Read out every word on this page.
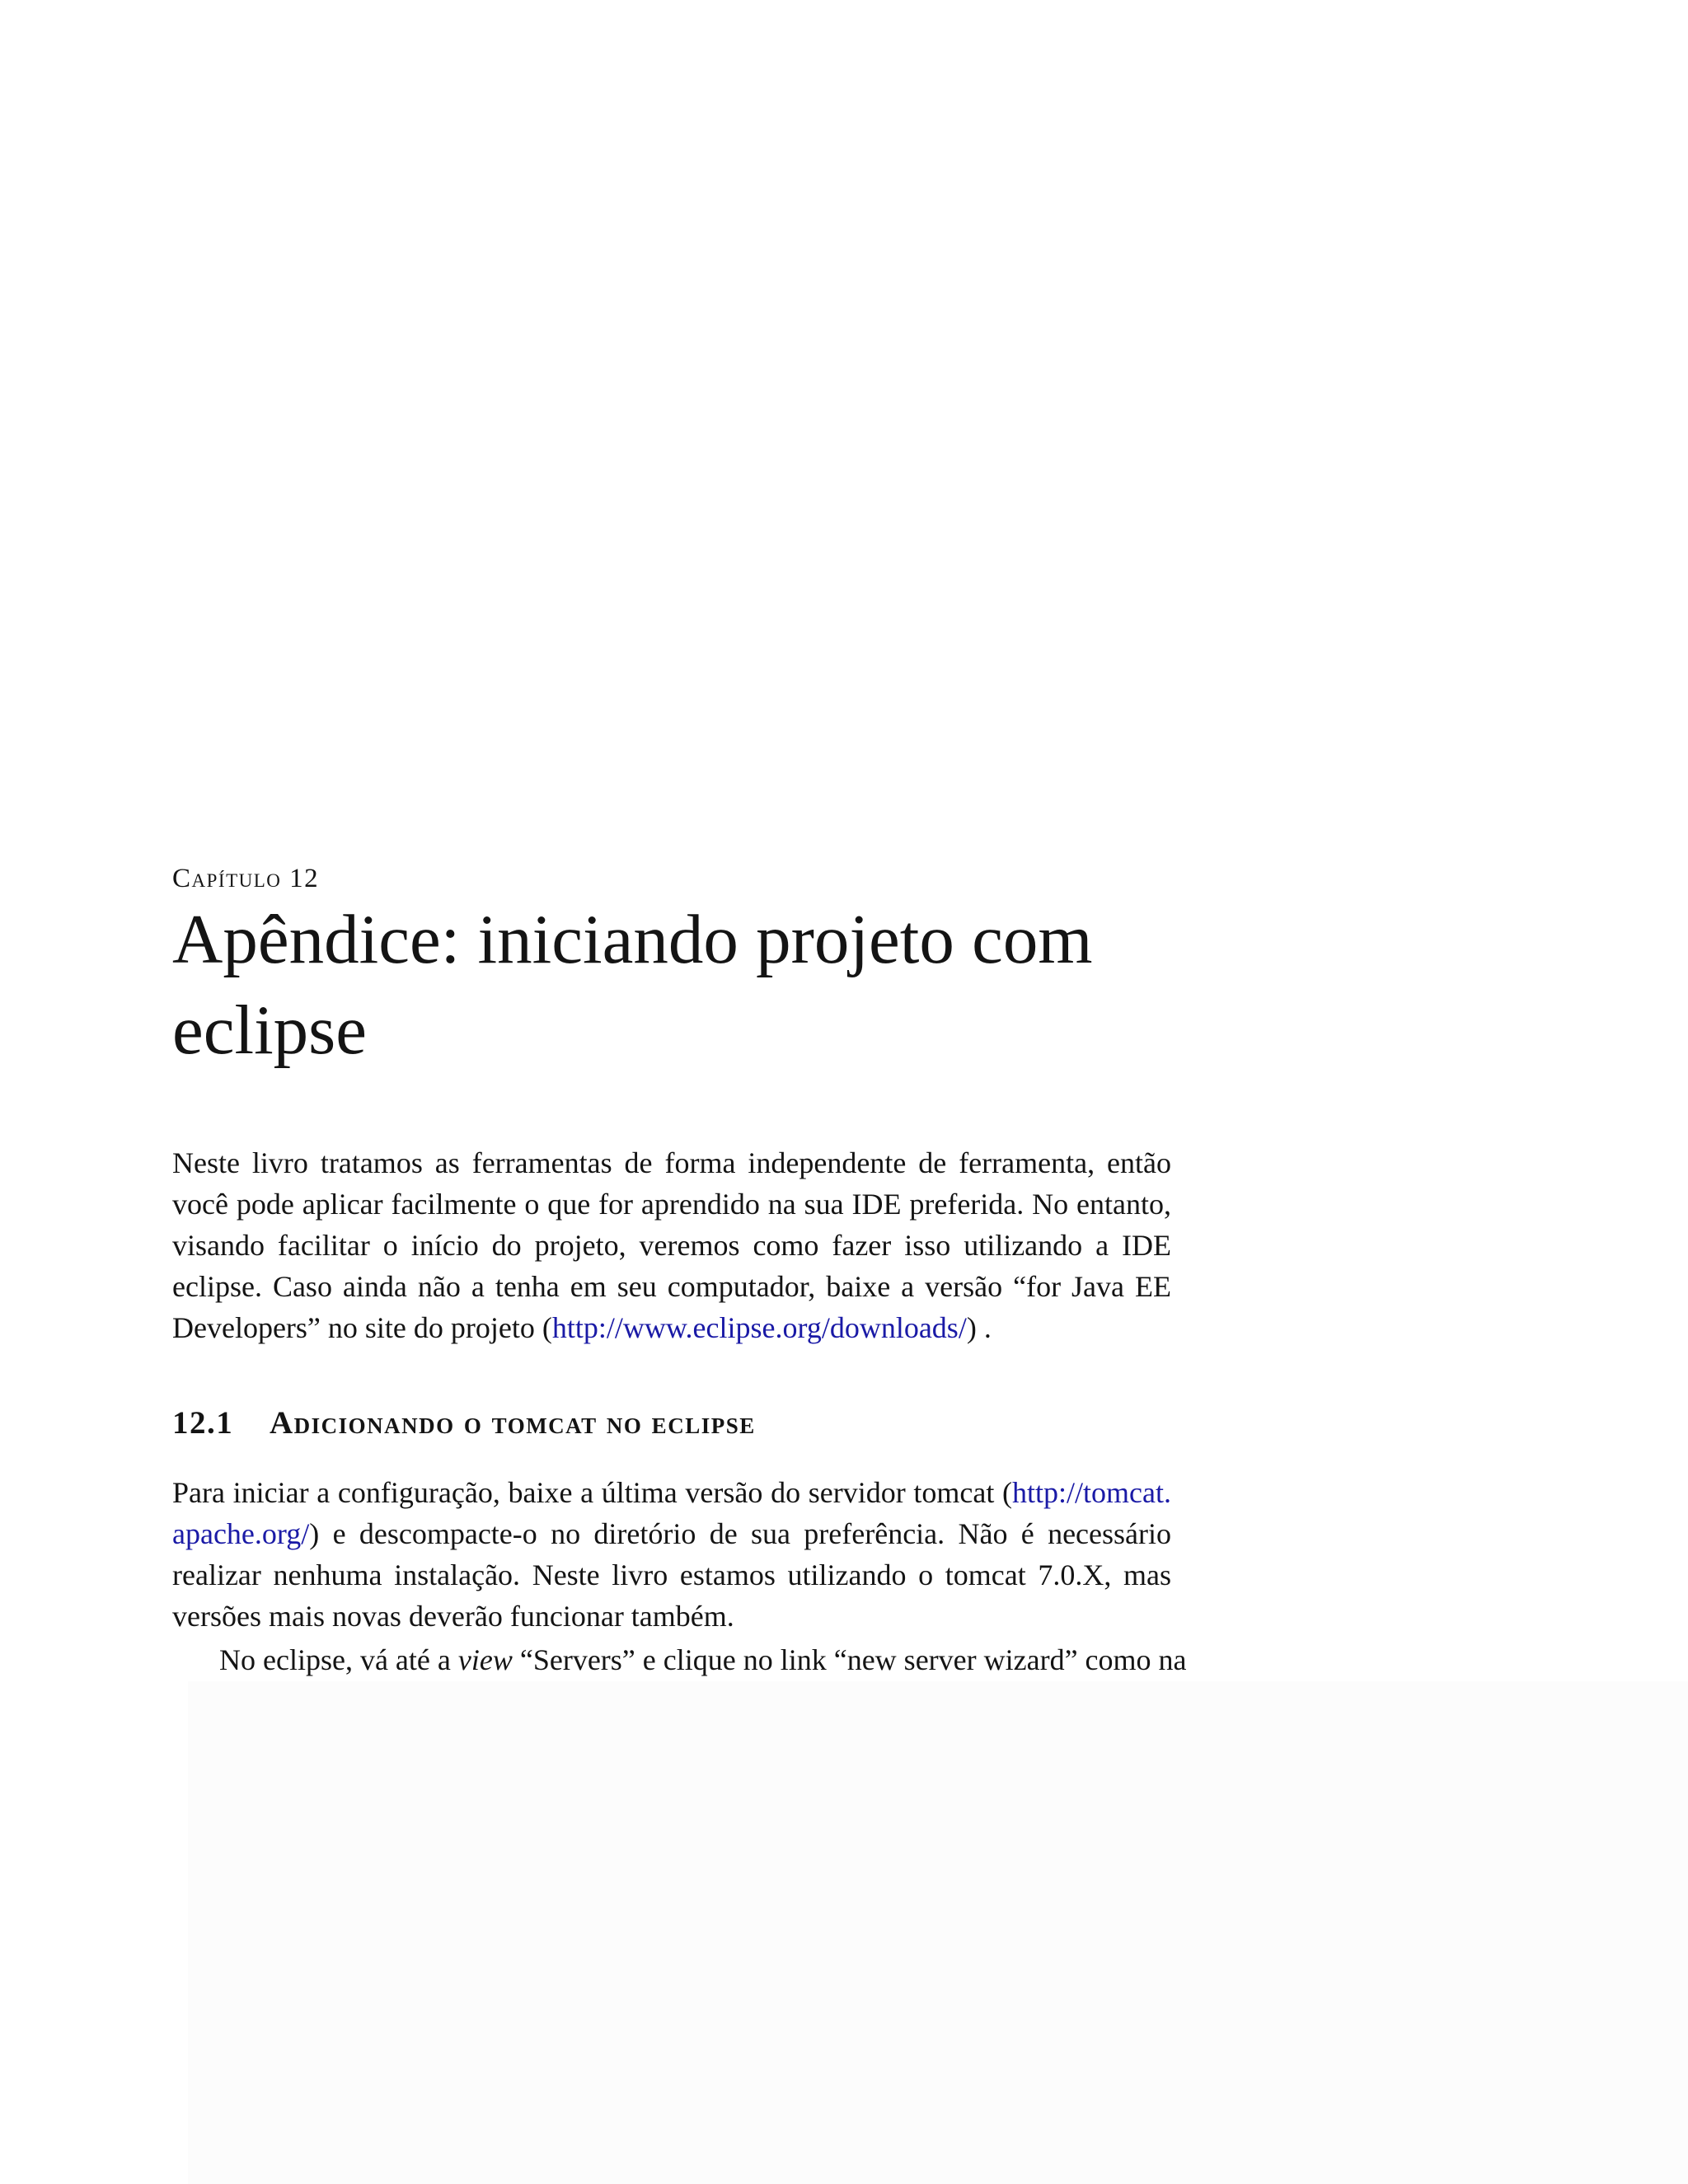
Capítulo 12
Apêndice: iniciando projeto com eclipse

Neste livro tratamos as ferramentas de forma independente de ferramenta, então você pode aplicar facilmente o que for aprendido na sua IDE preferida. No entanto, visando facilitar o início do projeto, veremos como fazer isso utilizando a IDE eclipse. Caso ainda não a tenha em seu computador, baixe a versão “for Java EE Developers” no site do projeto (http://www.eclipse.org/downloads/) .

12.1 Adicionando o tomcat no eclipse

Para iniciar a configuração, baixe a última versão do servidor tomcat (http://tomcat. apache.org/) e descompacte-o no diretório de sua preferência. Não é necessário realizar nenhuma instalação. Neste livro estamos utilizando o tomcat 7.0.X, mas versões mais novas deverão funcionar também.

No eclipse, vá até a view “Servers” e clique no link “new server wizard” como na
